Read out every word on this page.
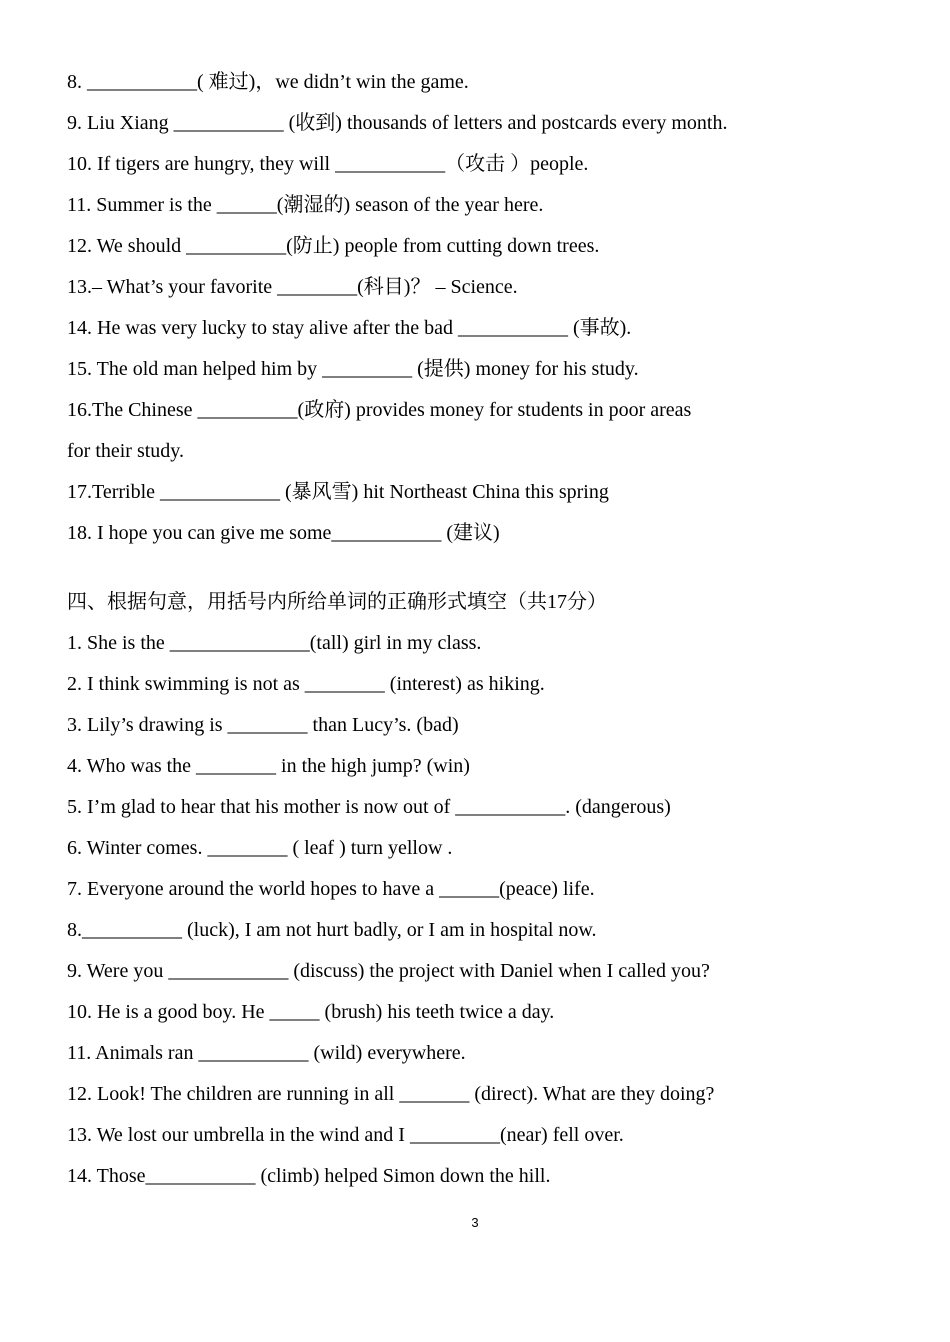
8. ___________( 难过)，we didn’t win the game.
9. Liu Xiang ___________ (收到) thousands of letters and postcards every month.
10. If tigers are hungry, they will ___________（攻击 ）people.
11. Summer is the ______(潮湿的) season of the year here.
12. We should __________(防止) people from cutting down trees.
13.– What’s your favorite ________(科目)？ – Science.
14. He was very lucky to stay alive after the bad ___________ (事故).
15. The old man helped him by _________ (提供) money for his study.
16.The Chinese __________(政府) provides money for students in poor areas
for their study.
17.Terrible ____________ (暴风雪) hit Northeast China this spring
18. I hope you can give me some___________ (建议)
四、根据句意，用括号内所给单词的正确形式填空（共17分）
1. She is the ______________(tall) girl in my class.
2. I think swimming is not as ________ (interest) as hiking.
3. Lily’s drawing is ________ than Lucy’s. (bad)
4. Who was the ________ in the high jump? (win)
5. I’m glad to hear that his mother is now out of ___________. (dangerous)
6. Winter comes. ________ ( leaf ) turn yellow .
7. Everyone around the world hopes to have a ______(peace) life.
8.__________ (luck), I am not hurt badly, or I am in hospital now.
9. Were you ____________ (discuss) the project with Daniel when I called you?
10. He is a good boy. He _____ (brush) his teeth twice a day.
11. Animals ran ___________ (wild) everywhere.
12. Look! The children are running in all _______ (direct). What are they doing?
13. We lost our umbrella in the wind and I _________(near) fell over.
14. Those___________ (climb) helped Simon down the hill.
3
